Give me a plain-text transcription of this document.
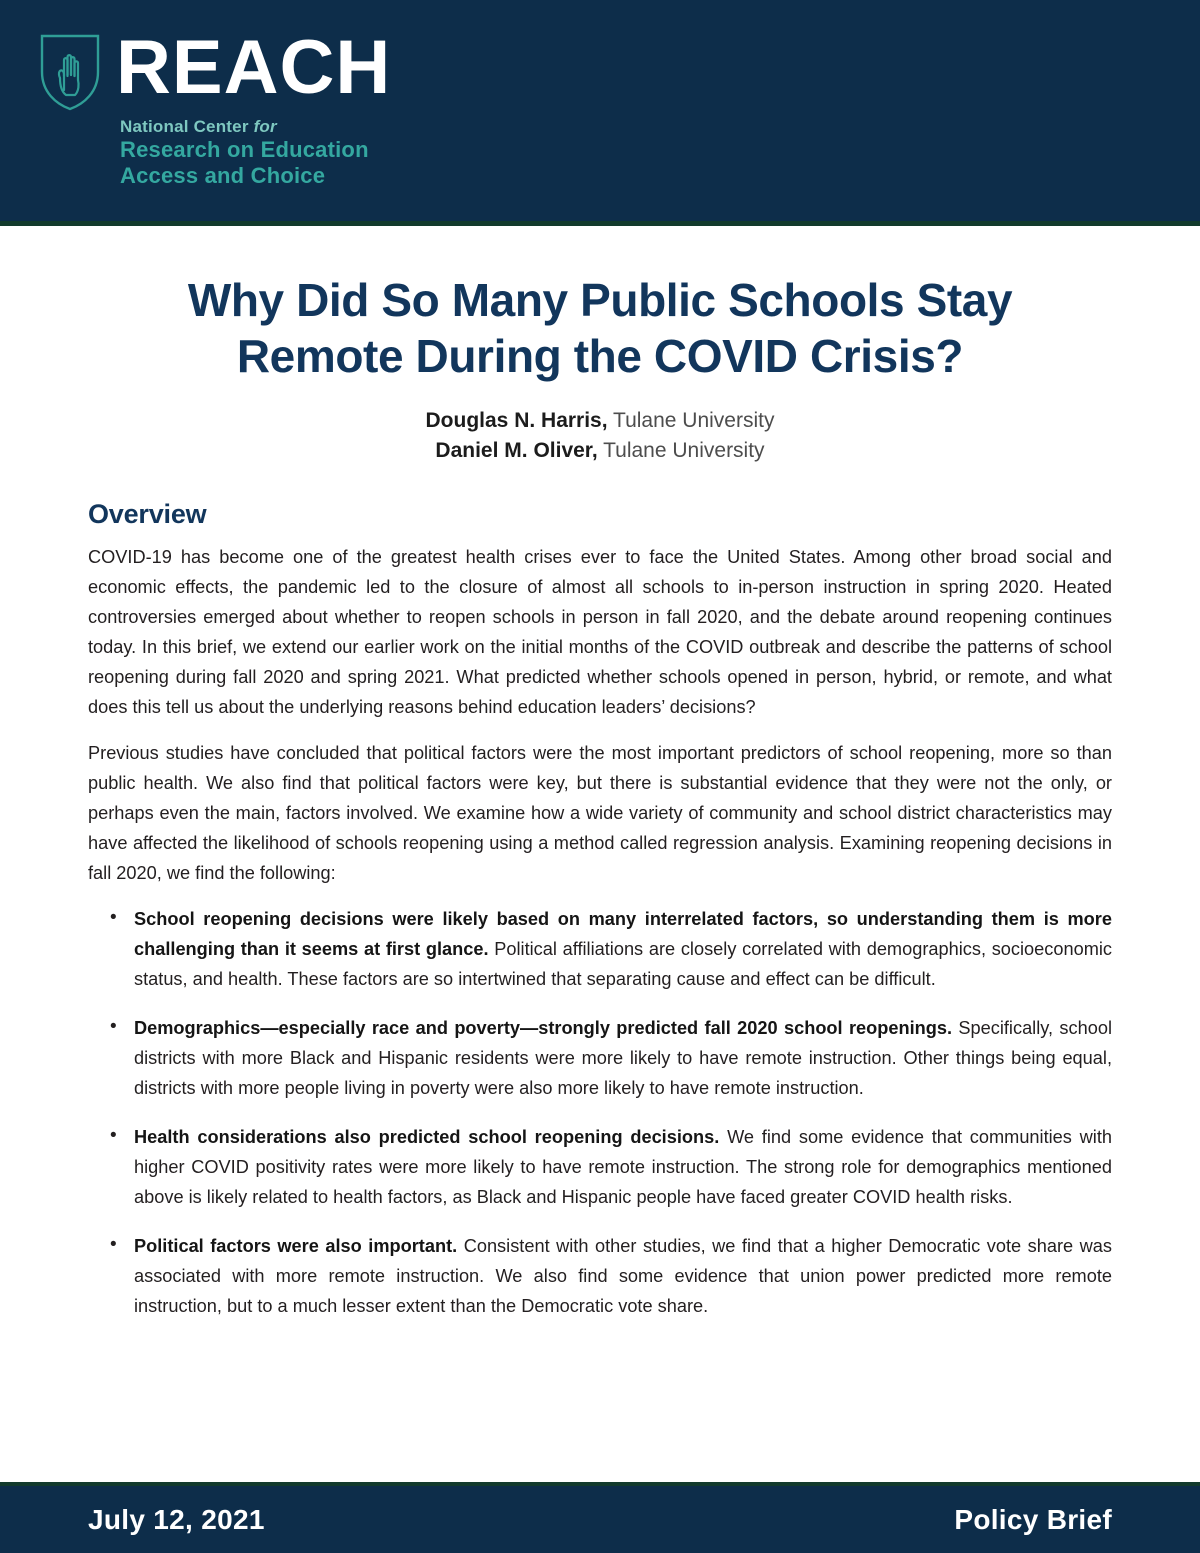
REACH
National Center for
Research on Education
Access and Choice
Why Did So Many Public Schools Stay
Remote During the COVID Crisis?
Douglas N. Harris, Tulane University
Daniel M. Oliver, Tulane University
Overview

COVID-19 has become one of the greatest health crises ever to face the United States. Among other broad social and economic effects, the pandemic led to the closure of almost all schools to in-person instruction in spring 2020. Heated controversies emerged about whether to reopen schools in person in fall 2020, and the debate around reopening continues today. In this brief, we extend our earlier work on the initial months of the COVID outbreak and describe the patterns of school reopening during fall 2020 and spring 2021. What predicted whether schools opened in person, hybrid, or remote, and what does this tell us about the underlying reasons behind education leaders’ decisions?

Previous studies have concluded that political factors were the most important predictors of school reopening, more so than public health. We also find that political factors were key, but there is substantial evidence that they were not the only, or perhaps even the main, factors involved. We examine how a wide variety of community and school district characteristics may have affected the likelihood of schools reopening using a method called regression analysis. Examining reopening decisions in fall 2020, we find the following:

• School reopening decisions were likely based on many interrelated factors, so understanding them is more challenging than it seems at first glance. Political affiliations are closely correlated with demographics, socioeconomic status, and health. These factors are so intertwined that separating cause and effect can be difficult.
• Demographics—especially race and poverty—strongly predicted fall 2020 school reopenings. Specifically, school districts with more Black and Hispanic residents were more likely to have remote instruction. Other things being equal, districts with more people living in poverty were also more likely to have remote instruction.
• Health considerations also predicted school reopening decisions. We find some evidence that communities with higher COVID positivity rates were more likely to have remote instruction. The strong role for demographics mentioned above is likely related to health factors, as Black and Hispanic people have faced greater COVID health risks.
• Political factors were also important. Consistent with other studies, we find that a higher Democratic vote share was associated with more remote instruction. We also find some evidence that union power predicted more remote instruction, but to a much lesser extent than the Democratic vote share.
July 12, 2021	Policy Brief
